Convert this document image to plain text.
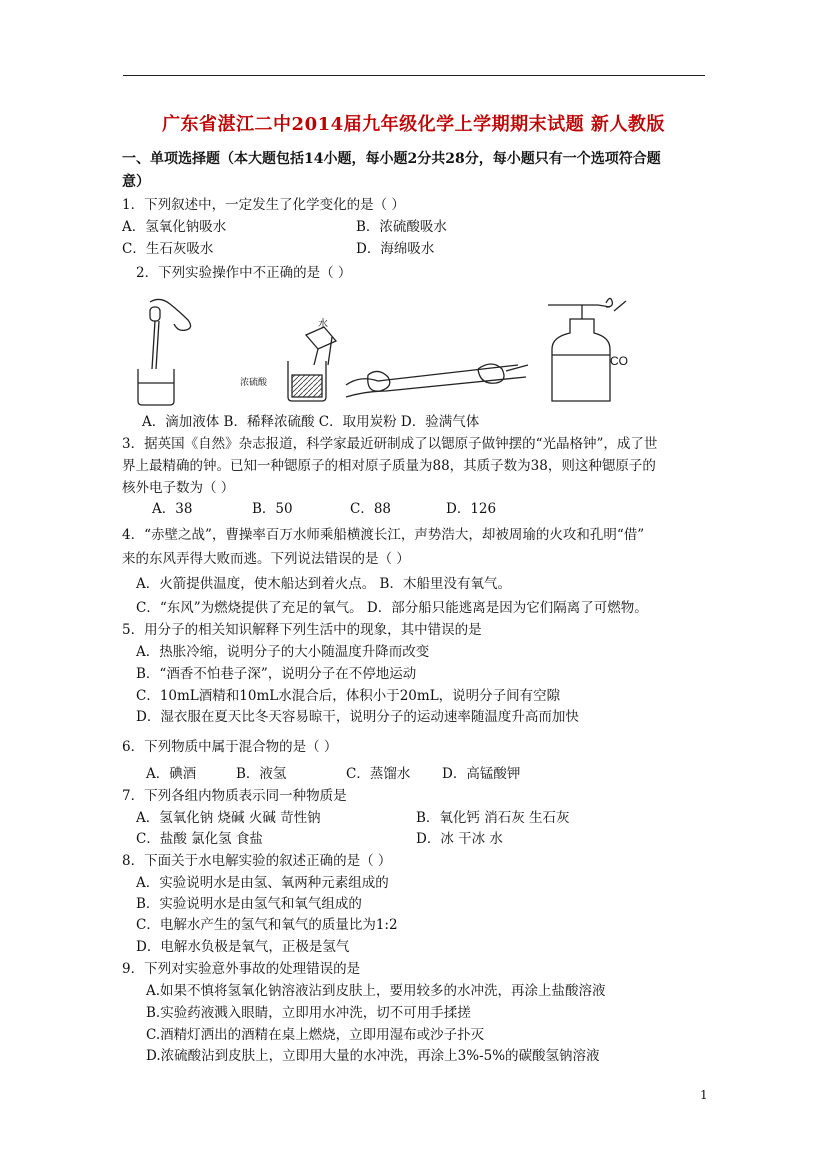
广东省湛江二中2014届九年级化学上学期期末试题 新人教版
一、单项选择题（本大题包括14小题，每小题2分共28分，每小题只有一个选项符合题
意）
1．下列叙述中，一定发生了化学变化的是（ ）
A．氢氧化钠吸水	B．浓硫酸吸水
C．生石灰吸水	D．海绵吸水
2．下列实验操作中不正确的是（ ）
水
浓硫酸
CO
A．滴加液体 B．稀释浓硫酸 C．取用炭粉 D．验满气体
3．据英国《自然》杂志报道，科学家最近研制成了以锶原子做钟摆的“光晶格钟”，成了世
界上最精确的钟。已知一种锶原子的相对原子质量为88，其质子数为38，则这种锶原子的
核外电子数为（ ）
A．38	B．50	C．88	D．126
4．“赤壁之战”，曹操率百万水师乘船横渡长江，声势浩大，却被周瑜的火攻和孔明“借”
来的东风弄得大败而逃。下列说法错误的是（ ）
A．火箭提供温度，使木船达到着火点。 B．木船里没有氧气。
C．“东风”为燃烧提供了充足的氧气。 D．部分船只能逃离是因为它们隔离了可燃物。
5．用分子的相关知识解释下列生活中的现象，其中错误的是
A．热胀冷缩，说明分子的大小随温度升降而改变
B．“酒香不怕巷子深”，说明分子在不停地运动
C．10mL酒精和10mL水混合后，体积小于20mL，说明分子间有空隙
D．湿衣服在夏天比冬天容易晾干，说明分子的运动速率随温度升高而加快
6．下列物质中属于混合物的是（ ）
A．碘酒	B．液氢	C．蒸馏水 D．高锰酸钾
7．下列各组内物质表示同一种物质是
A．氢氧化钠 烧碱 火碱 苛性钠	B．氧化钙 消石灰 生石灰
C．盐酸 氯化氢 食盐	D．冰 干冰 水
8．下面关于水电解实验的叙述正确的是（ ）
A．实验说明水是由氢、氧两种元素组成的
B．实验说明水是由氢气和氧气组成的
C．电解水产生的氢气和氧气的质量比为1:2
D．电解水负极是氧气，正极是氢气
9．下列对实验意外事故的处理错误的是
A.如果不慎将氢氧化钠溶液沾到皮肤上，要用较多的水冲洗，再涂上盐酸溶液
B.实验药液溅入眼睛，立即用水冲洗，切不可用手揉搓
C.酒精灯洒出的酒精在桌上燃烧，立即用湿布或沙子扑灭
D.浓硫酸沾到皮肤上，立即用大量的水冲洗，再涂上3%-5%的碳酸氢钠溶液
1
